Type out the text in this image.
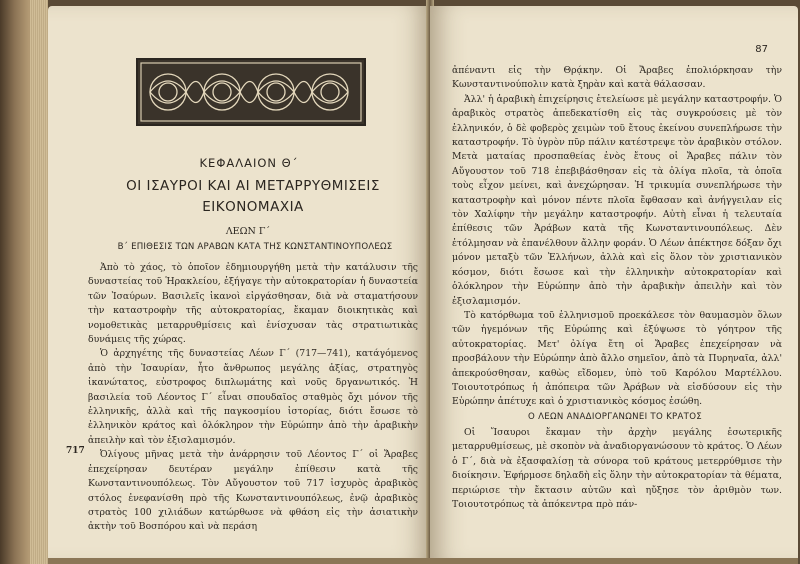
ΚΕΦΑΛΑΙΟΝ Θ΄
ΟΙ ΙΣΑΥΡΟΙ ΚΑΙ ΑΙ ΜΕΤΑΡΡΥΘΜΙΣΕΙΣ
ΕΙΚΟΝΟΜΑΧΙΑ
ΛΕΩΝ Γ΄
Β΄ ΕΠΙΘΕΣΙΣ ΤΩΝ ΑΡΑΒΩΝ ΚΑΤΑ ΤΗΣ ΚΩΝΣΤΑΝΤΙΝΟΥΠΟΛΕΩΣ
717

Ἀπὸ τὸ χάος, τὸ ὁποῖον ἐδημιουργήθη μετὰ τὴν κατάλυσιν τῆς δυναστείας τοῦ Ἡρακλείου, ἐξήγαγε τὴν αὐτοκρατορίαν ἡ δυναστεία τῶν Ἰσαύρων. Βασιλεῖς ἱκανοὶ εἰργάσθησαν, διὰ νὰ σταματήσουν τὴν καταστροφὴν τῆς αὐτοκρατορίας, ἔκαμαν διοικητικὰς καὶ νομοθετικὰς μεταρρυθμίσεις καὶ ἐνίσχυσαν τὰς στρατιωτικὰς δυνάμεις τῆς χώρας.

Ὁ ἀρχηγέτης τῆς δυναστείας Λέων Γ΄ (717—741), κατάγόμενος ἀπὸ τὴν Ἰσαυρίαν, ἦτο ἄνθρωπος μεγάλης ἀξίας, στρατηγὸς ἱκανώτατος, εὐστροφος διπλωμάτης καὶ νοῦς δργανωτικός. Ἡ βασιλεία τοῦ Λέοντος Γ΄ εἶναι σπουδαῖος σταθμὸς ὄχι μόνον τῆς ἑλληνικῆς, ἀλλὰ καὶ τῆς παγκοσμίου ἱστορίας, διότι ἔσωσε τὸ ἑλληνικὸν κράτος καὶ ὁλόκληρον τὴν Εὐρώπην ἀπὸ τὴν ἀραβικὴν ἀπειλὴν καὶ τὸν ἐξισλαμισμόν.

Ὀλίγους μῆνας μετὰ τὴν ἀνάρρησιν τοῦ Λέοντος Γ΄ οἱ Ἄραβες ἐπεχείρησαν δευτέραν μεγάλην ἐπίθεσιν κατὰ τῆς Κωνσταντινουπόλεως. Τὸν Αὔγουστον τοῦ 717 ἰσχυρὸς ἀραβικὸς στόλος ἐνεφανίσθη πρὸ τῆς Κωνσταντινουπόλεως, ἐνῷ ἀραβικὸς στρατὸς 100 χιλιάδων κατώρθωσε νὰ φθάση εἰς τὴν ἀσιατικὴν ἀκτὴν τοῦ Βοσπόρου καὶ νὰ περάση

87

ἀπέναντι εἰς τὴν Θρᾴκην. Οἱ Ἄραβες ἐπολιόρκησαν τὴν Κωνσταντινούπολιν κατὰ ξηρὰν καὶ κατὰ θάλασσαν.

Ἀλλ' ἡ ἀραβικὴ ἐπιχείρησις ἐτελείωσε μὲ μεγάλην καταστροφήν. Ὁ ἀραβικὸς στρατὸς ἀπεδεκατίσθη εἰς τὰς συγκρούσεις μὲ τὸν ἑλληνικόν, ὁ δὲ φοβερὸς χειμὼν τοῦ ἔτους ἐκείνου συνεπλήρωσε τὴν καταστροφήν. Τὸ ὑγρὸν πῦρ πάλιν κατέστρεψε τὸν ἀραβικὸν στόλον. Μετὰ ματαίας προσπαθείας ἑνὸς ἔτους οἱ Ἄραβες πάλιν τὸν Αὔγουστον τοῦ 718 ἐπεβιβάσθησαν εἰς τὰ ὀλίγα πλοῖα, τὰ ὁποῖα τοὺς εἶχον μείνει, καὶ ἀνεχώρησαν. Ἡ τρικυμία συνεπλήρωσε τὴν καταστροφὴν καὶ μόνον πέντε πλοῖα ἔφθασαν καὶ ἀνήγγειλαν εἰς τὸν Χαλίφην τὴν μεγάλην καταστροφήν. Αὐτὴ εἶναι ἡ τελευταία ἐπίθεσις τῶν Ἀράβων κατὰ τῆς Κωνσταντινουπόλεως. Δὲν ἐτόλμησαν νὰ ἐπανέλθουν ἄλλην φοράν. Ὁ Λέων ἀπέκτησε δόξαν ὄχι μόνον μεταξὺ τῶν Ἑλλήνων, ἀλλὰ καὶ εἰς ὅλον τὸν χριστιανικὸν κόσμον, διότι ἔσωσε καὶ τὴν ἑλληνικὴν αὐτοκρατορίαν καὶ ὁλόκληρον τὴν Εὐρώπην ἀπὸ τὴν ἀραβικὴν ἀπειλὴν καὶ τὸν ἐξισλαμισμόν.

Τὸ κατόρθωμα τοῦ ἑλληνισμοῦ προεκάλεσε τὸν θαυμασμὸν ὅλων τῶν ἡγεμόνων τῆς Εὐρώπης καὶ ἐξύψωσε τὸ γόητρον τῆς αὐτοκρατορίας. Μετ' ὀλίγα ἔτη οἱ Ἄραβες ἐπεχείρησαν νὰ προσβάλουν τὴν Εὐρώπην ἀπὸ ἄλλο σημεῖον, ἀπὸ τὰ Πυρηναῖα, ἀλλ' ἀπεκρούσθησαν, καθὼς εἴδομεν, ὑπὸ τοῦ Καρόλου Μαρτέλλου. Τοιουτοτρόπως ἡ ἀπόπειρα τῶν Ἀράβων νὰ εἰσδύσουν εἰς τὴν Εὐρώπην ἀπέτυχε καὶ ὁ χριστιανικὸς κόσμος ἐσώθη.

Ο ΛΕΩΝ ΑΝΑΔΙΟΡΓΑΝΩΝΕΙ ΤΟ ΚΡΑΤΟΣ

Οἱ Ἴσαυροι ἔκαμαν τὴν ἀρχὴν μεγάλης ἐσωτερικῆς μεταρρυθμίσεως, μὲ σκοπὸν νὰ ἀναδιοργανώσουν τὸ κράτος. Ὁ Λέων ὁ Γ΄, διὰ νὰ ἐξασφαλίσῃ τὰ σύνορα τοῦ κράτους μετερρύθμισε τὴν διοίκησιν. Ἐφήρμοσε δηλαδὴ εἰς ὅλην τὴν αὐτοκρατορίαν τὰ θέματα, περιώρισε τὴν ἔκτασιν αὐτῶν καὶ ηὔξησε τὸν ἀριθμὸν των. Τοιουτοτρόπως τὰ ἀπόκεντρα πρὸ πάν-
